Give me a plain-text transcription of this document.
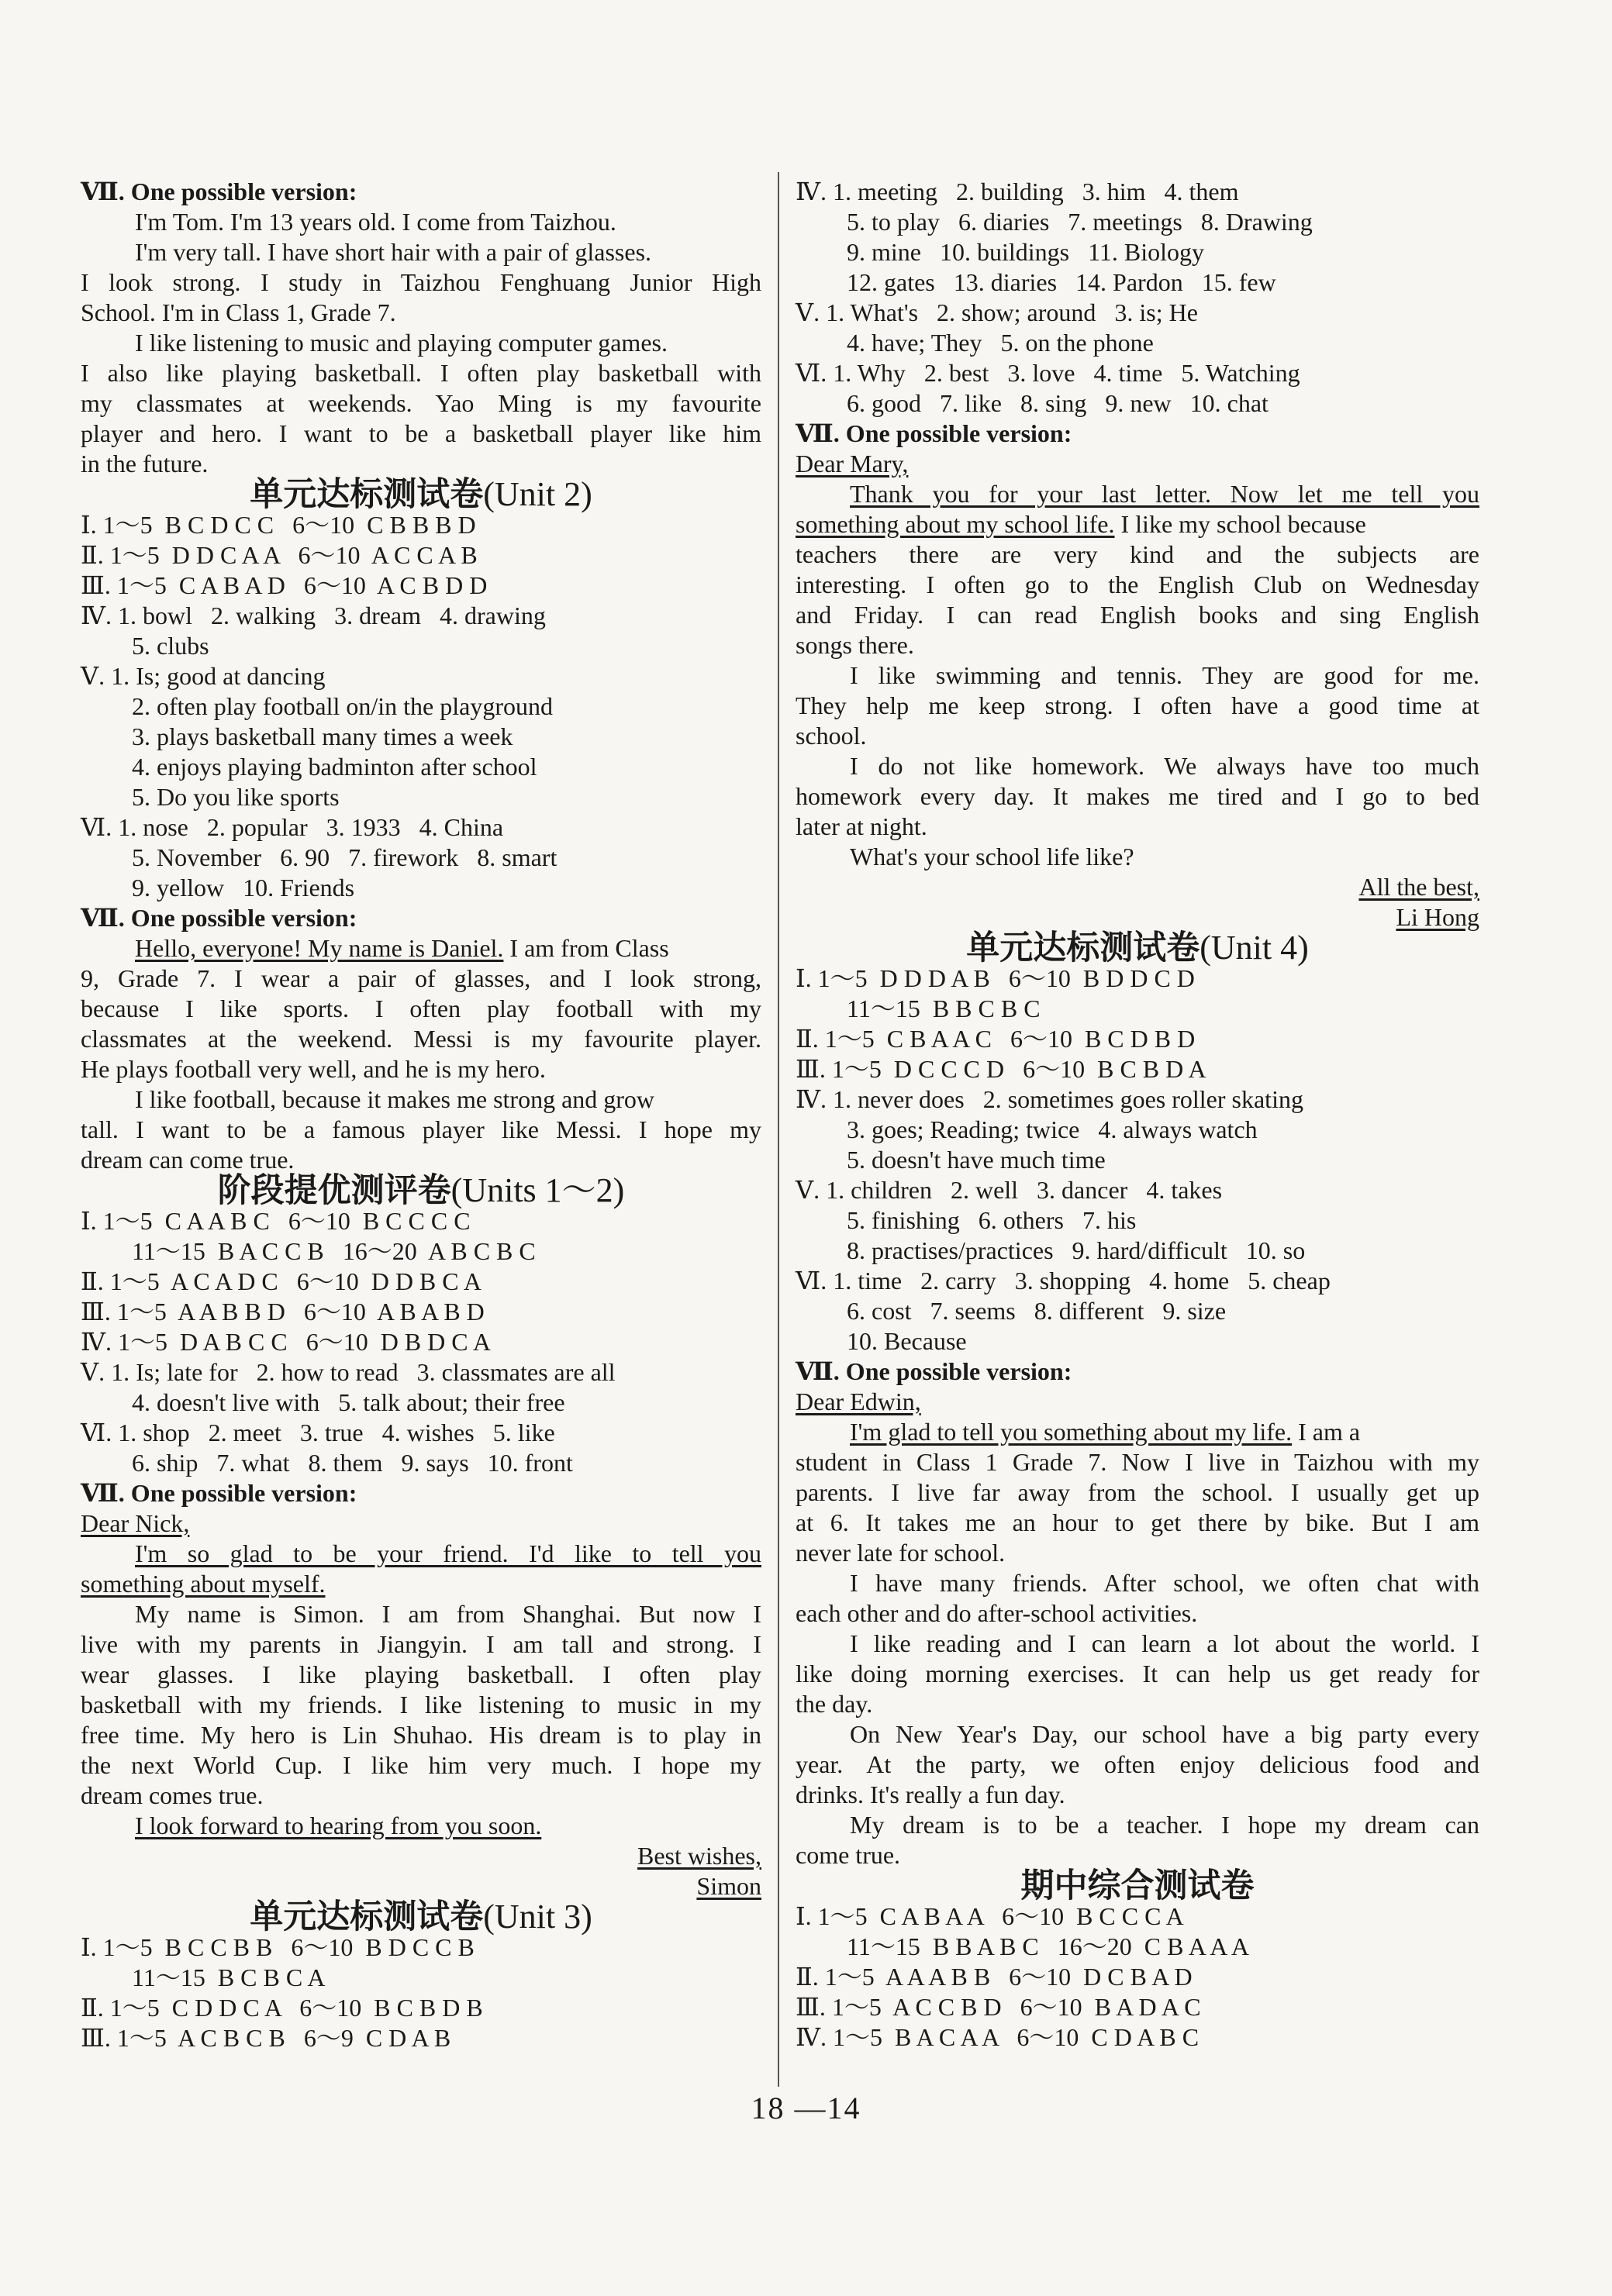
Ⅶ. One possible version:
I'm Tom. I'm 13 years old. I come from Taizhou.
I'm very tall. I have short hair with a pair of glasses.
I look strong. I study in Taizhou Fenghuang Junior High
School. I'm in Class 1, Grade 7.
I like listening to music and playing computer games.
I also like playing basketball. I often play basketball with
my classmates at weekends. Yao Ming is my favourite
player and hero. I want to be a basketball player like him
in the future.
单元达标测试卷(Unit 2)
Ⅰ. 1～5  B C D C C   6～10  C B B B D
Ⅱ. 1～5  D D C A A   6～10  A C C A B
Ⅲ. 1～5  C A B A D   6～10  A C B D D
Ⅳ. 1. bowl   2. walking   3. dream   4. drawing
5. clubs
Ⅴ. 1. Is; good at dancing
2. often play football on/in the playground
3. plays basketball many times a week
4. enjoys playing badminton after school
5. Do you like sports
Ⅵ. 1. nose   2. popular   3. 1933   4. China
5. November   6. 90   7. firework   8. smart
9. yellow   10. Friends
Ⅶ. One possible version:
Hello, everyone! My name is Daniel. I am from Class
9, Grade 7. I wear a pair of glasses, and I look strong,
because I like sports. I often play football with my
classmates at the weekend. Messi is my favourite player.
He plays football very well, and he is my hero.
I like football, because it makes me strong and grow
tall. I want to be a famous player like Messi. I hope my
dream can come true.
阶段提优测评卷(Units 1～2)
Ⅰ. 1～5  C A A B C   6～10  B C C C C
11～15  B A C C B   16～20  A B C B C
Ⅱ. 1～5  A C A D C   6～10  D D B C A
Ⅲ. 1～5  A A B B D   6～10  A B A B D
Ⅳ. 1～5  D A B C C   6～10  D B D C A
Ⅴ. 1. Is; late for   2. how to read   3. classmates are all
4. doesn't live with   5. talk about; their free
Ⅵ. 1. shop   2. meet   3. true   4. wishes   5. like
6. ship   7. what   8. them   9. says   10. front
Ⅶ. One possible version:
Dear Nick,
I'm so glad to be your friend. I'd like to tell you
something about myself.
My name is Simon. I am from Shanghai. But now I
live with my parents in Jiangyin. I am tall and strong. I
wear glasses. I like playing basketball. I often play
basketball with my friends. I like listening to music in my
free time. My hero is Lin Shuhao. His dream is to play in
the next World Cup. I like him very much. I hope my
dream comes true.
I look forward to hearing from you soon.
Best wishes,
Simon
单元达标测试卷(Unit 3)
Ⅰ. 1～5  B C C B B   6～10  B D C C B
11～15  B C B C A
Ⅱ. 1～5  C D D C A   6～10  B C B D B
Ⅲ. 1～5  A C B C B   6～9  C D A B
Ⅳ. 1. meeting   2. building   3. him   4. them
5. to play   6. diaries   7. meetings   8. Drawing
9. mine   10. buildings   11. Biology
12. gates   13. diaries   14. Pardon   15. few
Ⅴ. 1. What's   2. show; around   3. is; He
4. have; They   5. on the phone
Ⅵ. 1. Why   2. best   3. love   4. time   5. Watching
6. good   7. like   8. sing   9. new   10. chat
Ⅶ. One possible version:
Dear Mary,
Thank you for your last letter. Now let me tell you
something about my school life. I like my school because
teachers there are very kind and the subjects are
interesting. I often go to the English Club on Wednesday
and Friday. I can read English books and sing English
songs there.
I like swimming and tennis. They are good for me.
They help me keep strong. I often have a good time at
school.
I do not like homework. We always have too much
homework every day. It makes me tired and I go to bed
later at night.
What's your school life like?
All the best,
Li Hong
单元达标测试卷(Unit 4)
Ⅰ. 1～5  D D D A B   6～10  B D D C D
11～15  B B C B C
Ⅱ. 1～5  C B A A C   6～10  B C D B D
Ⅲ. 1～5  D C C C D   6～10  B C B D A
Ⅳ. 1. never does   2. sometimes goes roller skating
3. goes; Reading; twice   4. always watch
5. doesn't have much time
Ⅴ. 1. children   2. well   3. dancer   4. takes
5. finishing   6. others   7. his
8. practises/practices   9. hard/difficult   10. so
Ⅵ. 1. time   2. carry   3. shopping   4. home   5. cheap
6. cost   7. seems   8. different   9. size
10. Because
Ⅶ. One possible version:
Dear Edwin,
I'm glad to tell you something about my life. I am a
student in Class 1 Grade 7. Now I live in Taizhou with my
parents. I live far away from the school. I usually get up
at 6. It takes me an hour to get there by bike. But I am
never late for school.
I have many friends. After school, we often chat with
each other and do after-school activities.
I like reading and I can learn a lot about the world. I
like doing morning exercises. It can help us get ready for
the day.
On New Year's Day, our school have a big party every
year. At the party, we often enjoy delicious food and
drinks. It's really a fun day.
My dream is to be a teacher. I hope my dream can
come true.
期中综合测试卷
Ⅰ. 1～5  C A B A A   6～10  B C C C A
11～15  B B A B C   16～20  C B A A A
Ⅱ. 1～5  A A A B B   6～10  D C B A D
Ⅲ. 1～5  A C C B D   6～10  B A D A C
Ⅳ. 1～5  B A C A A   6～10  C D A B C
18 —14
